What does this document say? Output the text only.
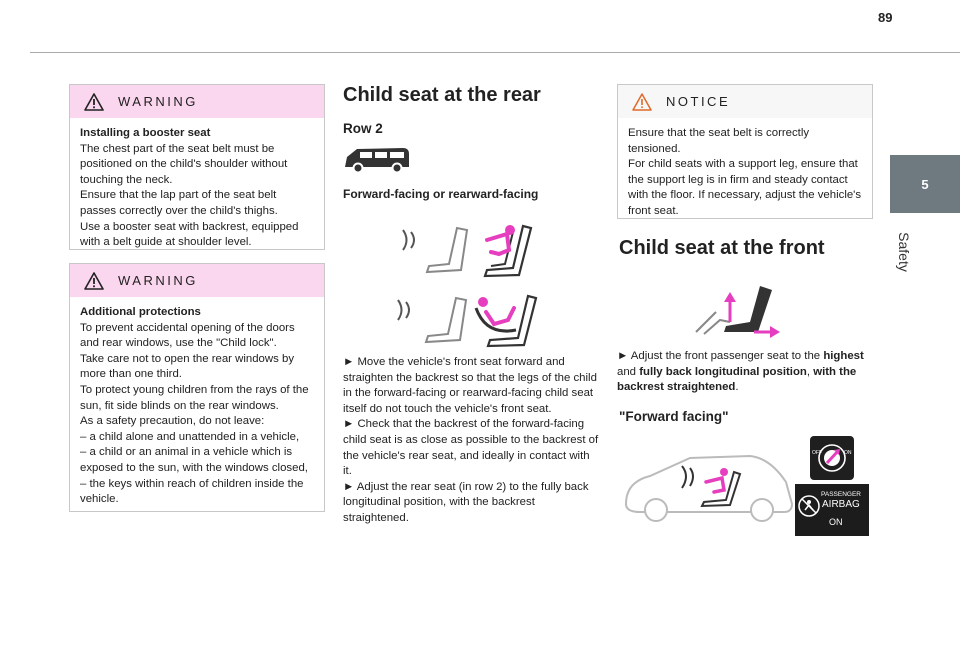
89
5
Safety
WARNING

Installing a booster seat

The chest part of the seat belt must be positioned on the child's shoulder without touching the neck.

Ensure that the lap part of the seat belt passes correctly over the child's thighs.

Use a booster seat with backrest, equipped with a belt guide at shoulder level.

WARNING

Additional protections

To prevent accidental opening of the doors and rear windows, use the "Child lock".

Take care not to open the rear windows by more than one third.

To protect young children from the rays of the sun, fit side blinds on the rear windows.

As a safety precaution, do not leave:

– a child alone and unattended in a vehicle,

– a child or an animal in a vehicle which is exposed to the sun, with the windows closed,

– the keys within reach of children inside the vehicle.

Child seat at the rear
Row 2
Forward-facing or rearward-facing

► Move the vehicle's front seat forward and straighten the backrest so that the legs of the child in the forward-facing or rearward-facing child seat itself do not touch the vehicle's front seat.

► Check that the backrest of the forward-facing child seat is as close as possible to the backrest of the vehicle's rear seat, and ideally in contact with it.

► Adjust the rear seat (in row 2) to the fully back longitudinal position, with the backrest straightened.

NOTICE

Ensure that the seat belt is correctly tensioned.

For child seats with a support leg, ensure that the support leg is in firm and steady contact with the floor. If necessary, adjust the vehicle's front seat.

Child seat at the front

► Adjust the front passenger seat to the highest and fully back longitudinal position, with the backrest straightened.

"Forward facing"
OFF	ON
PASSENGER
AIRBAG
ON
